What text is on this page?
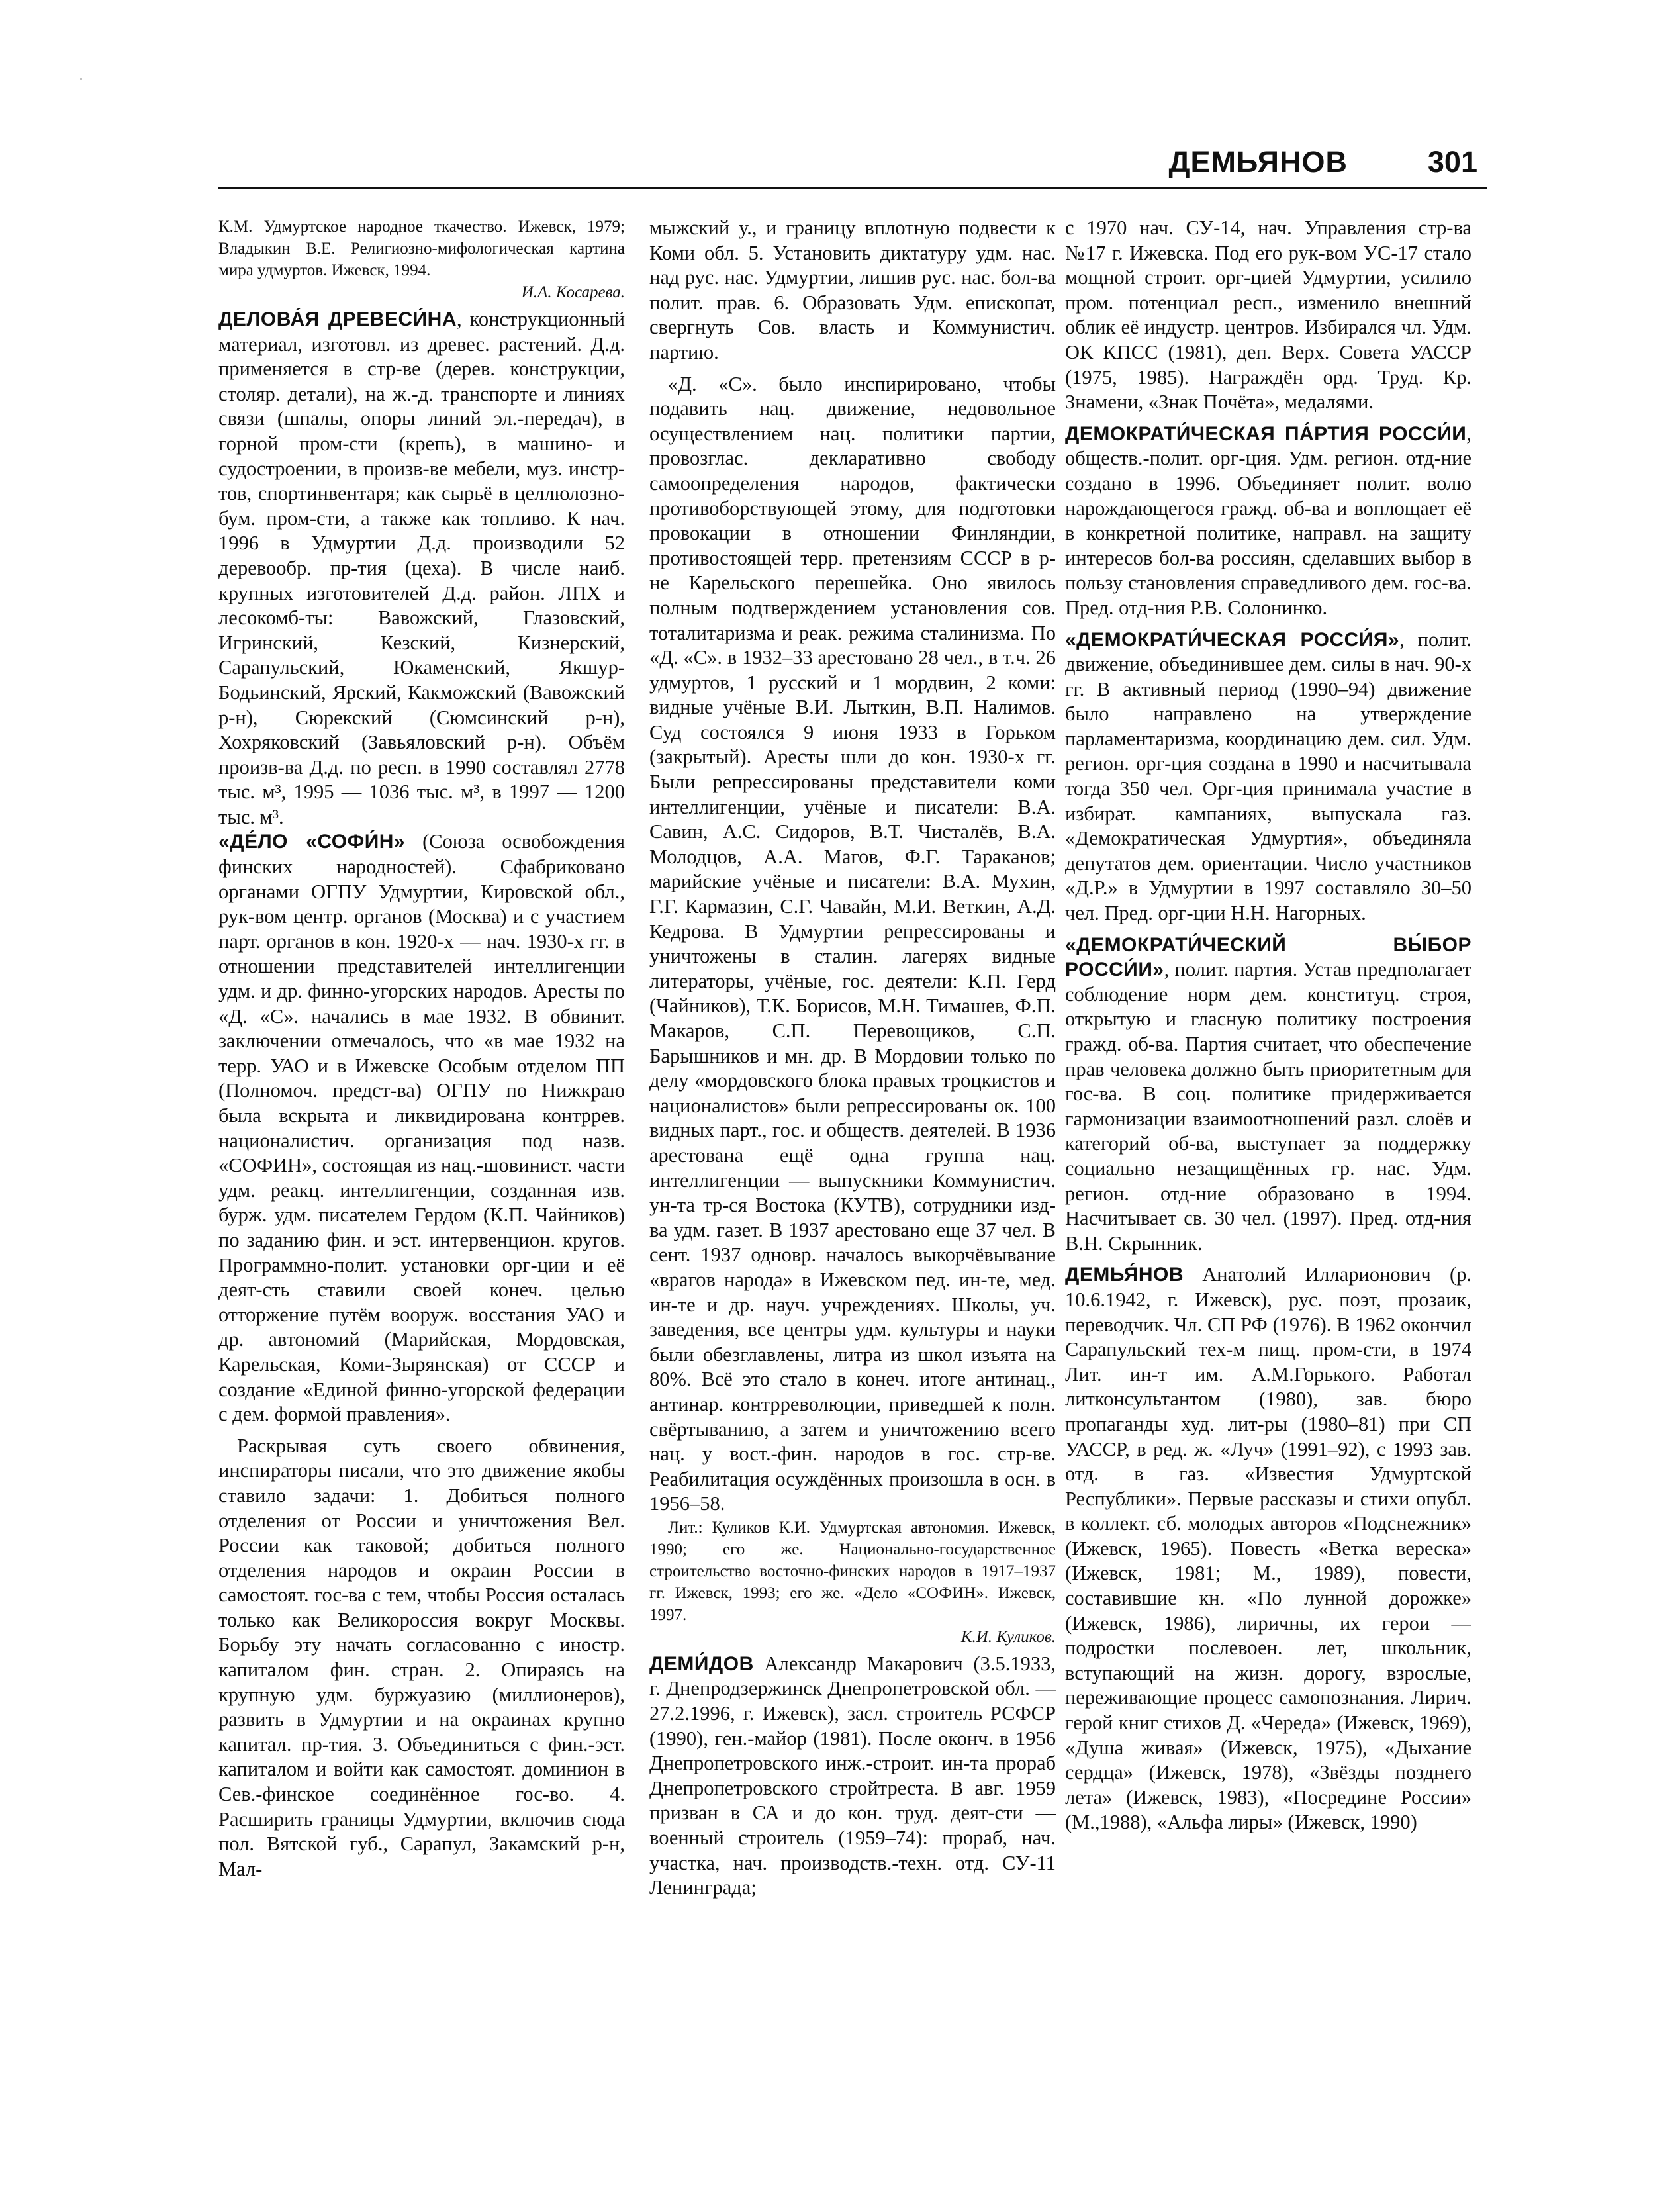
ДЕМЬЯНОВ	301

К.М. Удмуртское народное ткачество. Ижевск, 1979; Владыкин В.Е. Религиозно-мифологическая картина мира удмуртов. Ижевск, 1994.

И.А. Косарева.

ДЕЛОВА́Я ДРЕВЕСИ́НА, конструкционный материал, изготовл. из древес. растений. Д.д. применяется в стр-ве (дерев. конструкции, столяр. детали), на ж.-д. транспорте и линиях связи (шпалы, опоры линий эл.-передач), в горной пром-сти (крепь), в машино- и судостроении, в произв-ве мебели, муз. инстр-тов, спортинвентаря; как сырьё в целлюлозно-бум. пром-сти, а также как топливо. К нач. 1996 в Удмуртии Д.д. производили 52 деревообр. пр-тия (цеха). В числе наиб. крупных изготовителей Д.д. район. ЛПХ и лесокомб-ты: Вавожский, Глазовский, Игринский, Кезский, Кизнерский, Сарапульский, Юкаменский, Якшур-Бодьинский, Ярский, Какможский (Вавожский р-н), Сюрекский (Сюмсинский р-н), Хохряковский (Завьяловский р-н). Объём произв-ва Д.д. по респ. в 1990 составлял 2778 тыс. м³, 1995 — 1036 тыс. м³, в 1997 — 1200 тыс. м³.

«ДЕ́ЛО «СОФИ́Н» (Союза освобождения финских народностей). Сфабриковано органами ОГПУ Удмуртии, Кировской обл., рук-вом центр. органов (Москва) и с участием парт. органов в кон. 1920-х — нач. 1930-х гг. в отношении представителей интеллигенции удм. и др. финно-угорских народов. Аресты по «Д. «С». начались в мае 1932. В обвинит. заключении отмечалось, что «в мае 1932 на терр. УАО и в Ижевске Особым отделом ПП (Полномоч. предст-ва) ОГПУ по Нижкраю была вскрыта и ликвидирована контррев. националистич. организация под назв. «СОФИН», состоящая из нац.-шовинист. части удм. реакц. интеллигенции, созданная изв. бурж. удм. писателем Гердом (К.П. Чайников) по заданию фин. и эст. интервенцион. кругов. Программно-полит. установки орг-ции и её деят-сть ставили своей конеч. целью отторжение путём вооруж. восстания УАО и др. автономий (Марийская, Мордовская, Карельская, Коми-Зырянская) от СССР и создание «Единой финно-угорской федерации с дем. формой правления».

Раскрывая суть своего обвинения, инспираторы писали, что это движение якобы ставило задачи: 1. Добиться полного отделения от России и уничтожения Вел. России как таковой; добиться полного отделения народов и окраин России в самостоят. гос-ва с тем, чтобы Россия осталась только как Великороссия вокруг Москвы. Борьбу эту начать согласованно с иностр. капиталом фин. стран. 2. Опираясь на крупную удм. буржуазию (миллионеров), развить в Удмуртии и на окраинах крупно капитал. пр-тия. 3. Объединиться с фин.-эст. капиталом и войти как самостоят. доминион в Сев.-финское соединённое гос-во. 4. Расширить границы Удмуртии, включив сюда пол. Вятской губ., Сарапул, Закамский р-н, Мал-

мыжский у., и границу вплотную подвести к Коми обл. 5. Установить диктатуру удм. нас. над рус. нас. Удмуртии, лишив рус. нас. бол-ва полит. прав. 6. Образовать Удм. епископат, свергнуть Сов. власть и Коммунистич. партию.

«Д. «С». было инспирировано, чтобы подавить нац. движение, недовольное осуществлением нац. политики партии, провозглас. декларативно свободу самоопределения народов, фактически противоборствующей этому, для подготовки провокации в отношении Финляндии, противостоящей терр. претензиям СССР в р-не Карельского перешейка. Оно явилось полным подтверждением установления сов. тоталитаризма и реак. режима сталинизма. По «Д. «С». в 1932–33 арестовано 28 чел., в т.ч. 26 удмуртов, 1 русский и 1 мордвин, 2 коми: видные учёные В.И. Лыткин, В.П. Налимов. Суд состоялся 9 июня 1933 в Горьком (закрытый). Аресты шли до кон. 1930-х гг. Были репрессированы представители коми интеллигенции, учёные и писатели: В.А. Савин, А.С. Сидоров, В.Т. Чисталёв, В.А. Молодцов, А.А. Магов, Ф.Г. Тараканов; марийские учёные и писатели: В.А. Мухин, Г.Г. Кармазин, С.Г. Чавайн, М.И. Веткин, А.Д. Кедрова. В Удмуртии репрессированы и уничтожены в сталин. лагерях видные литераторы, учёные, гос. деятели: К.П. Герд (Чайников), Т.К. Борисов, М.Н. Тимашев, Ф.П. Макаров, С.П. Перевощиков, С.П. Барышников и мн. др. В Мордовии только по делу «мордовского блока правых троцкистов и националистов» были репрессированы ок. 100 видных парт., гос. и обществ. деятелей. В 1936 арестована ещё одна группа нац. интеллигенции — выпускники Коммунистич. ун-та тр-ся Востока (КУТВ), сотрудники изд-ва удм. газет. В 1937 арестовано еще 37 чел. В сент. 1937 одновр. началось выкорчёвывание «врагов народа» в Ижевском пед. ин-те, мед. ин-те и др. науч. учреждениях. Школы, уч. заведения, все центры удм. культуры и науки были обезглавлены, литра из школ изъята на 80%. Всё это стало в конеч. итоге антинац., антинар. контрреволюции, приведшей к полн. свёртыванию, а затем и уничтожению всего нац. у вост.-фин. народов в гос. стр-ве. Реабилитация осуждённых произошла в осн. в 1956–58.

Лит.: Куликов К.И. Удмуртская автономия. Ижевск, 1990; его же. Национально-государственное строительство восточно-финских народов в 1917–1937 гг. Ижевск, 1993; его же. «Дело «СОФИН». Ижевск, 1997.

К.И. Куликов.

ДЕМИ́ДОВ Александр Макарович (3.5.1933, г. Днепродзержинск Днепропетровской обл. — 27.2.1996, г. Ижевск), засл. строитель РСФСР (1990), ген.-майор (1981). После оконч. в 1956 Днепропетровского инж.-строит. ин-та прораб Днепропетровского стройтреста. В авг. 1959 призван в СА и до кон. труд. деят-сти — военный строитель (1959–74): прораб, нач. участка, нач. производств.-техн. отд. СУ-11 Ленинграда;

с 1970 нач. СУ-14, нач. Управления стр-ва №17 г. Ижевска. Под его рук-вом УС-17 стало мощной строит. орг-цией Удмуртии, усилило пром. потенциал респ., изменило внешний облик её индустр. центров. Избирался чл. Удм. ОК КПСС (1981), деп. Верх. Совета УАССР (1975, 1985). Награждён орд. Труд. Кр. Знамени, «Знак Почёта», медалями.

ДЕМОКРАТИ́ЧЕСКАЯ ПА́РТИЯ РОССИ́И, обществ.-полит. орг-ция. Удм. регион. отд-ние создано в 1996. Объединяет полит. волю нарождающегося гражд. об-ва и воплощает её в конкретной политике, направл. на защиту интересов бол-ва россиян, сделавших выбор в пользу становления справедливого дем. гос-ва. Пред. отд-ния Р.В. Солонинко.

«ДЕМОКРАТИ́ЧЕСКАЯ РОССИ́Я», полит. движение, объединившее дем. силы в нач. 90-х гг. В активный период (1990–94) движение было направлено на утверждение парламентаризма, координацию дем. сил. Удм. регион. орг-ция создана в 1990 и насчитывала тогда 350 чел. Орг-ция принимала участие в избират. кампаниях, выпускала газ. «Демократическая Удмуртия», объединяла депутатов дем. ориентации. Число участников «Д.Р.» в Удмуртии в 1997 составляло 30–50 чел. Пред. орг-ции Н.Н. Нагорных.

«ДЕМОКРАТИ́ЧЕСКИЙ ВЫ́БОР РОССИ́И», полит. партия. Устав предполагает соблюдение норм дем. конституц. строя, открытую и гласную политику построения гражд. об-ва. Партия считает, что обеспечение прав человека должно быть приоритетным для гос-ва. В соц. политике придерживается гармонизации взаимоотношений разл. слоёв и категорий об-ва, выступает за поддержку социально незащищённых гр. нас. Удм. регион. отд-ние образовано в 1994. Насчитывает св. 30 чел. (1997). Пред. отд-ния В.Н. Скрынник.

ДЕМЬЯ́НОВ Анатолий Илларионович (р. 10.6.1942, г. Ижевск), рус. поэт, прозаик, переводчик. Чл. СП РФ (1976). В 1962 окончил Сарапульский тех-м пищ. пром-сти, в 1974 Лит. ин-т им. А.М.Горького. Работал литконсультантом (1980), зав. бюро пропаганды худ. лит-ры (1980–81) при СП УАССР, в ред. ж. «Луч» (1991–92), с 1993 зав. отд. в газ. «Известия Удмуртской Республики». Первые рассказы и стихи опубл. в коллект. сб. молодых авторов «Подснежник» (Ижевск, 1965). Повесть «Ветка вереска» (Ижевск, 1981; М., 1989), повести, составившие кн. «По лунной дорожке» (Ижевск, 1986), лиричны, их герои — подростки послевоен. лет, школьник, вступающий на жизн. дорогу, взрослые, переживающие процесс самопознания. Лирич. герой книг стихов Д. «Череда» (Ижевск, 1969), «Душа живая» (Ижевск, 1975), «Дыхание сердца» (Ижевск, 1978), «Звёзды позднего лета» (Ижевск, 1983), «Посредине России» (М.,1988), «Альфа лиры» (Ижевск, 1990)
